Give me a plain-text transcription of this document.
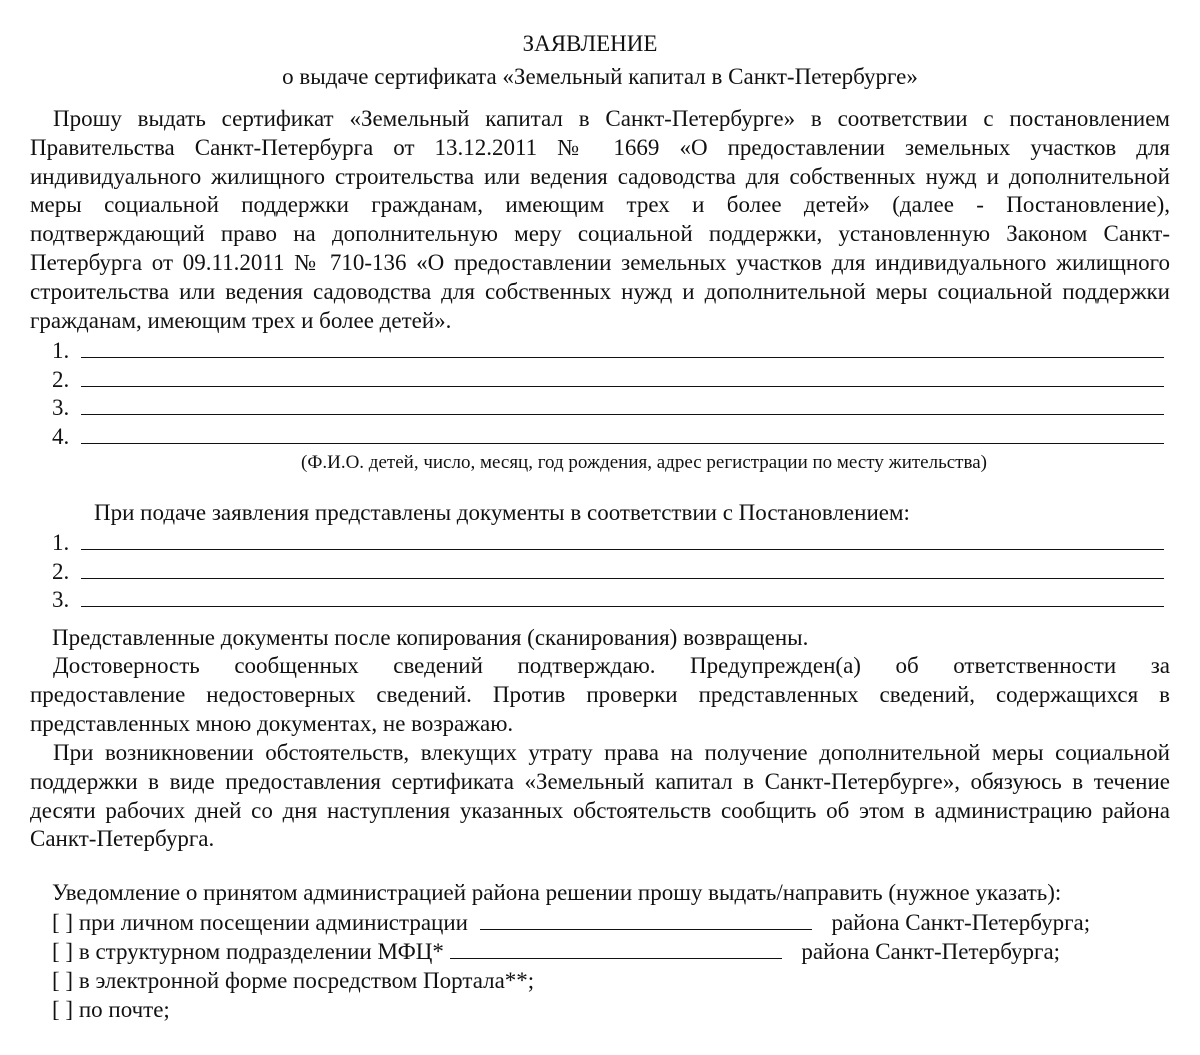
ЗАЯВЛЕНИЕ
о выдаче сертификата «Земельный капитал в Санкт-Петербурге»
Прошу выдать сертификат «Земельный капитал в Санкт-Петербурге» в соответствии с постановлением
Правительства Санкт-Петербурга от 13.12.2011 № 1669 «О предоставлении земельных участков для
индивидуального жилищного строительства или ведения садоводства для собственных нужд и дополнительной
меры социальной поддержки гражданам, имеющим трех и более детей» (далее - Постановление),
подтверждающий право на дополнительную меру социальной поддержки, установленную Законом Санкт-
Петербурга от 09.11.2011 № 710-136 «О предоставлении земельных участков для индивидуального жилищного
строительства или ведения садоводства для собственных нужд и дополнительной меры социальной поддержки
гражданам, имеющим трех и более детей».
1.
2.
3.
4.
(Ф.И.О. детей, число, месяц, год рождения, адрес регистрации по месту жительства)
При подаче заявления представлены документы в соответствии с Постановлением:
1.
2.
3.
Представленные документы после копирования (сканирования) возвращены.
Достоверность сообщенных сведений подтверждаю. Предупрежден(а) об ответственности за
предоставление недостоверных сведений. Против проверки представленных сведений, содержащихся в
представленных мною документах, не возражаю.
При возникновении обстоятельств, влекущих утрату права на получение дополнительной меры социальной
поддержки в виде предоставления сертификата «Земельный капитал в Санкт-Петербурге», обязуюсь в течение
десяти рабочих дней со дня наступления указанных обстоятельств сообщить об этом в администрацию района
Санкт-Петербурга.
Уведомление о принятом администрацией района решении прошу выдать/направить (нужное указать):
[ ] при личном посещении администрации	района Санкт-Петербурга;
[ ] в структурном подразделении МФЦ*	района Санкт-Петербурга;
[ ] в электронной форме посредством Портала**;
[ ] по почте;
